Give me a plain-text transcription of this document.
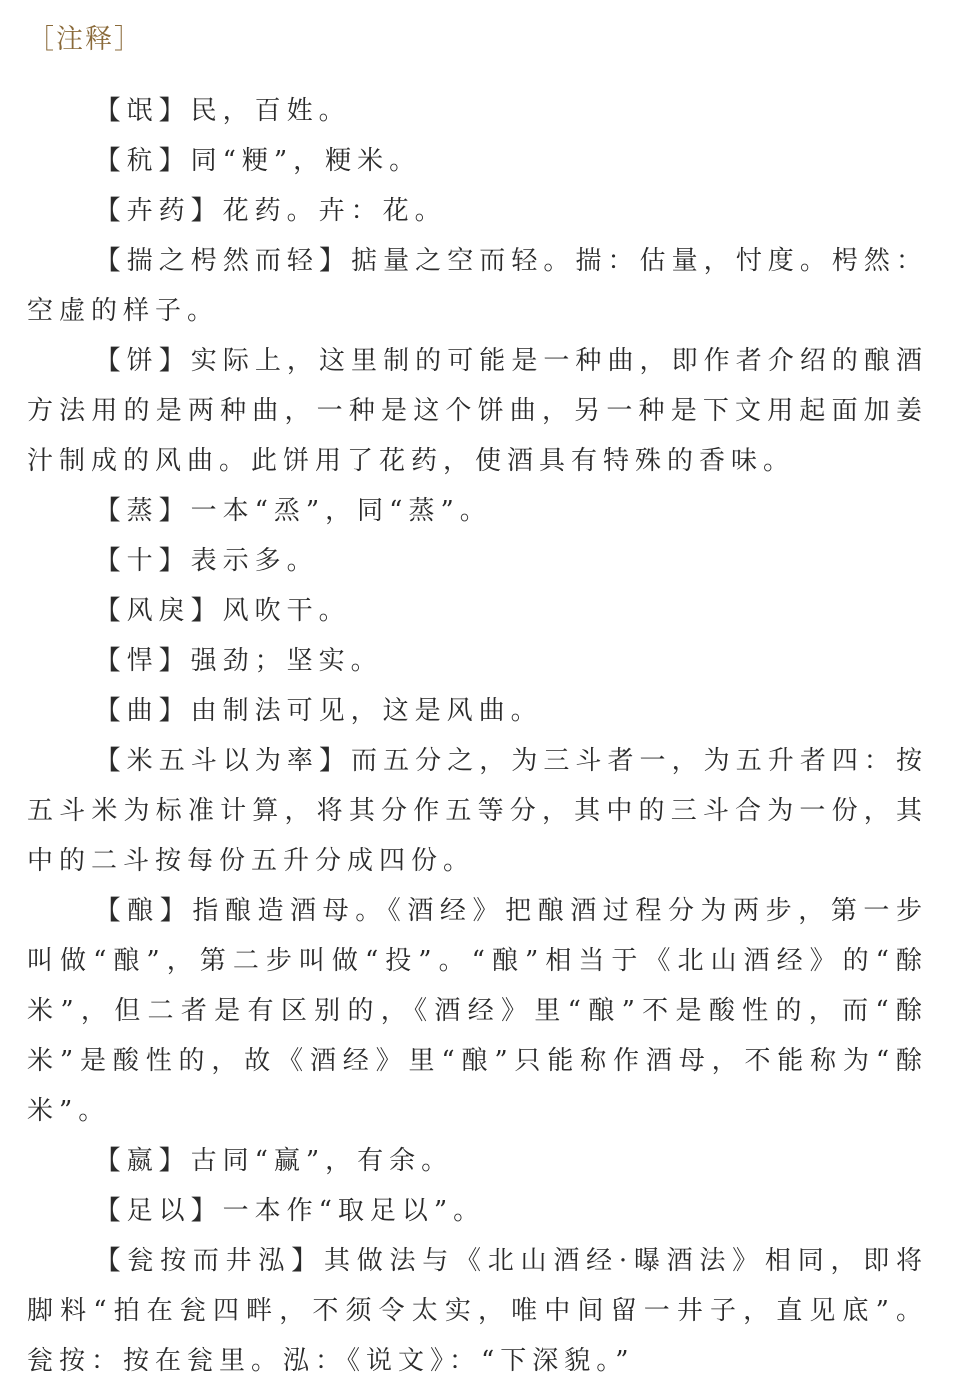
［注释］

【氓】民，百姓。

【秔】同“粳”，粳米。

【卉药】花药。卉：花。

【揣之枵然而轻】掂量之空而轻。揣：估量，忖度。枵然：空虚的样子。

【饼】实际上，这里制的可能是一种曲，即作者介绍的酿酒方法用的是两种曲，一种是这个饼曲，另一种是下文用起面加姜汁制成的风曲。此饼用了花药，使酒具有特殊的香味。

【蒸】一本“烝”，同“蒸”。

【十】表示多。

【风戾】风吹干。

【悍】强劲；坚实。

【曲】由制法可见，这是风曲。

【米五斗以为率】而五分之，为三斗者一，为五升者四：按五斗米为标准计算，将其分作五等分，其中的三斗合为一份，其中的二斗按每份五升分成四份。

【酿】指酿造酒母。《酒经》把酿酒过程分为两步，第一步叫做“酿”，第二步叫做“投”。“酿”相当于《北山酒经》的“酴米”，但二者是有区别的，《酒经》里“酿”不是酸性的，而“酴米”是酸性的，故《酒经》里“酿”只能称作酒母，不能称为“酴米”。

【嬴】古同“赢”，有余。

【足以】一本作“取足以”。

【瓮按而井泓】其做法与《北山酒经·曝酒法》相同，即将脚料“拍在瓮四畔，不须令太实，唯中间留一井子，直见底”。瓮按：按在瓮里。泓：《说文》：“下深貌。”
